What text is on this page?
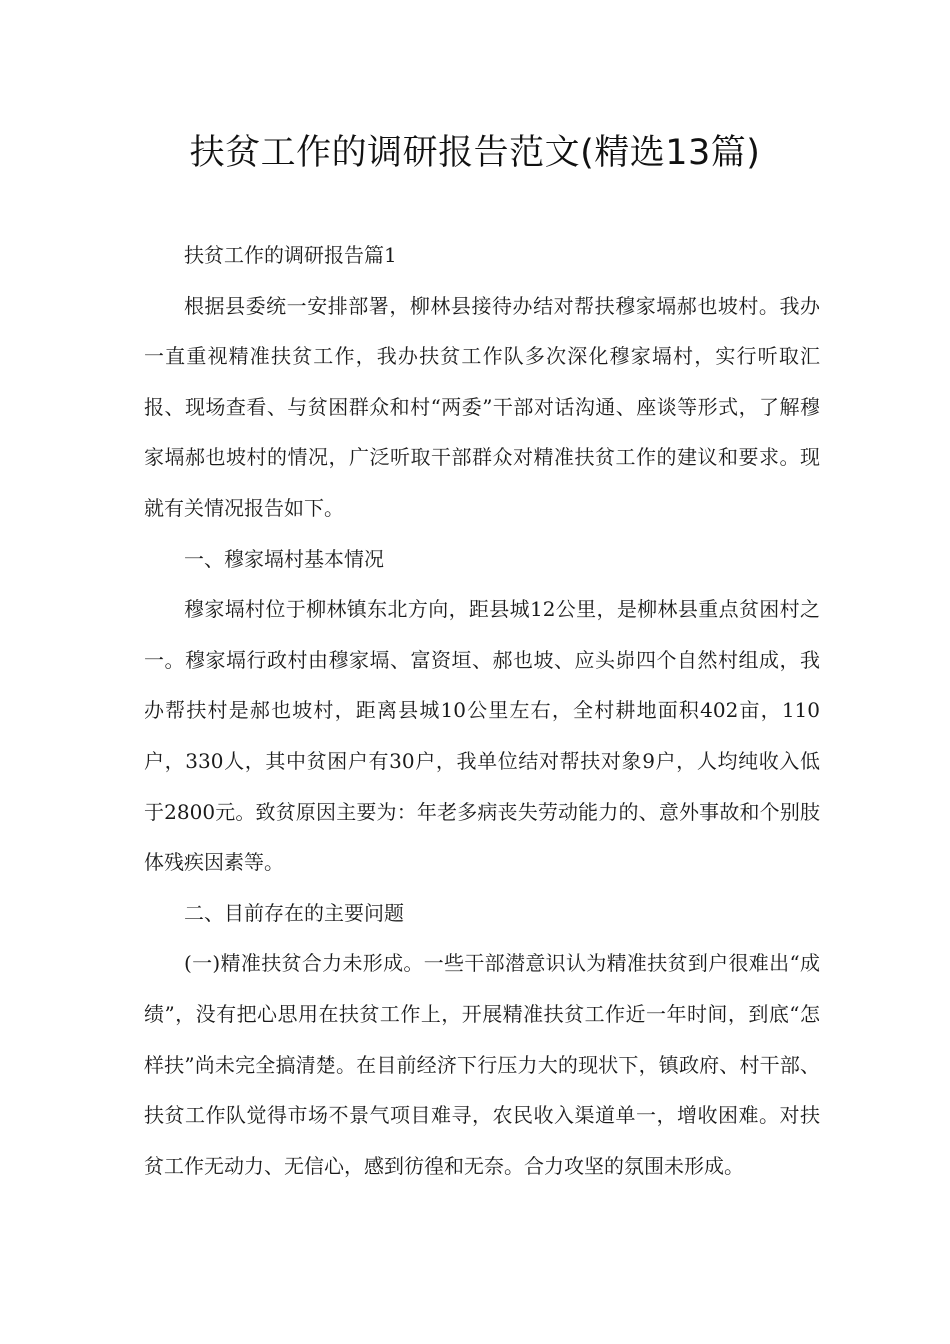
扶贫工作的调研报告范文(精选13篇)

扶贫工作的调研报告篇1

根据县委统一安排部署，柳林县接待办结对帮扶穆家塥郝也坡村。我办一直重视精准扶贫工作，我办扶贫工作队多次深化穆家塥村，实行听取汇报、现场查看、与贫困群众和村“两委”干部对话沟通、座谈等形式，了解穆家塥郝也坡村的情况，广泛听取干部群众对精准扶贫工作的建议和要求。现就有关情况报告如下。

一、穆家塥村基本情况

穆家塥村位于柳林镇东北方向，距县城12公里，是柳林县重点贫困村之一。穆家塥行政村由穆家塥、富资垣、郝也坡、应头峁四个自然村组成，我办帮扶村是郝也坡村，距离县城10公里左右，全村耕地面积402亩，110户，330人，其中贫困户有30户，我单位结对帮扶对象9户，人均纯收入低于2800元。致贫原因主要为：年老多病丧失劳动能力的、意外事故和个别肢体残疾因素等。

二、目前存在的主要问题

(一)精准扶贫合力未形成。一些干部潜意识认为精准扶贫到户很难出“成绩”，没有把心思用在扶贫工作上，开展精准扶贫工作近一年时间，到底“怎样扶”尚未完全搞清楚。在目前经济下行压力大的现状下，镇政府、村干部、扶贫工作队觉得市场不景气项目难寻，农民收入渠道单一，增收困难。对扶贫工作无动力、无信心，感到彷徨和无奈。合力攻坚的氛围未形成。
